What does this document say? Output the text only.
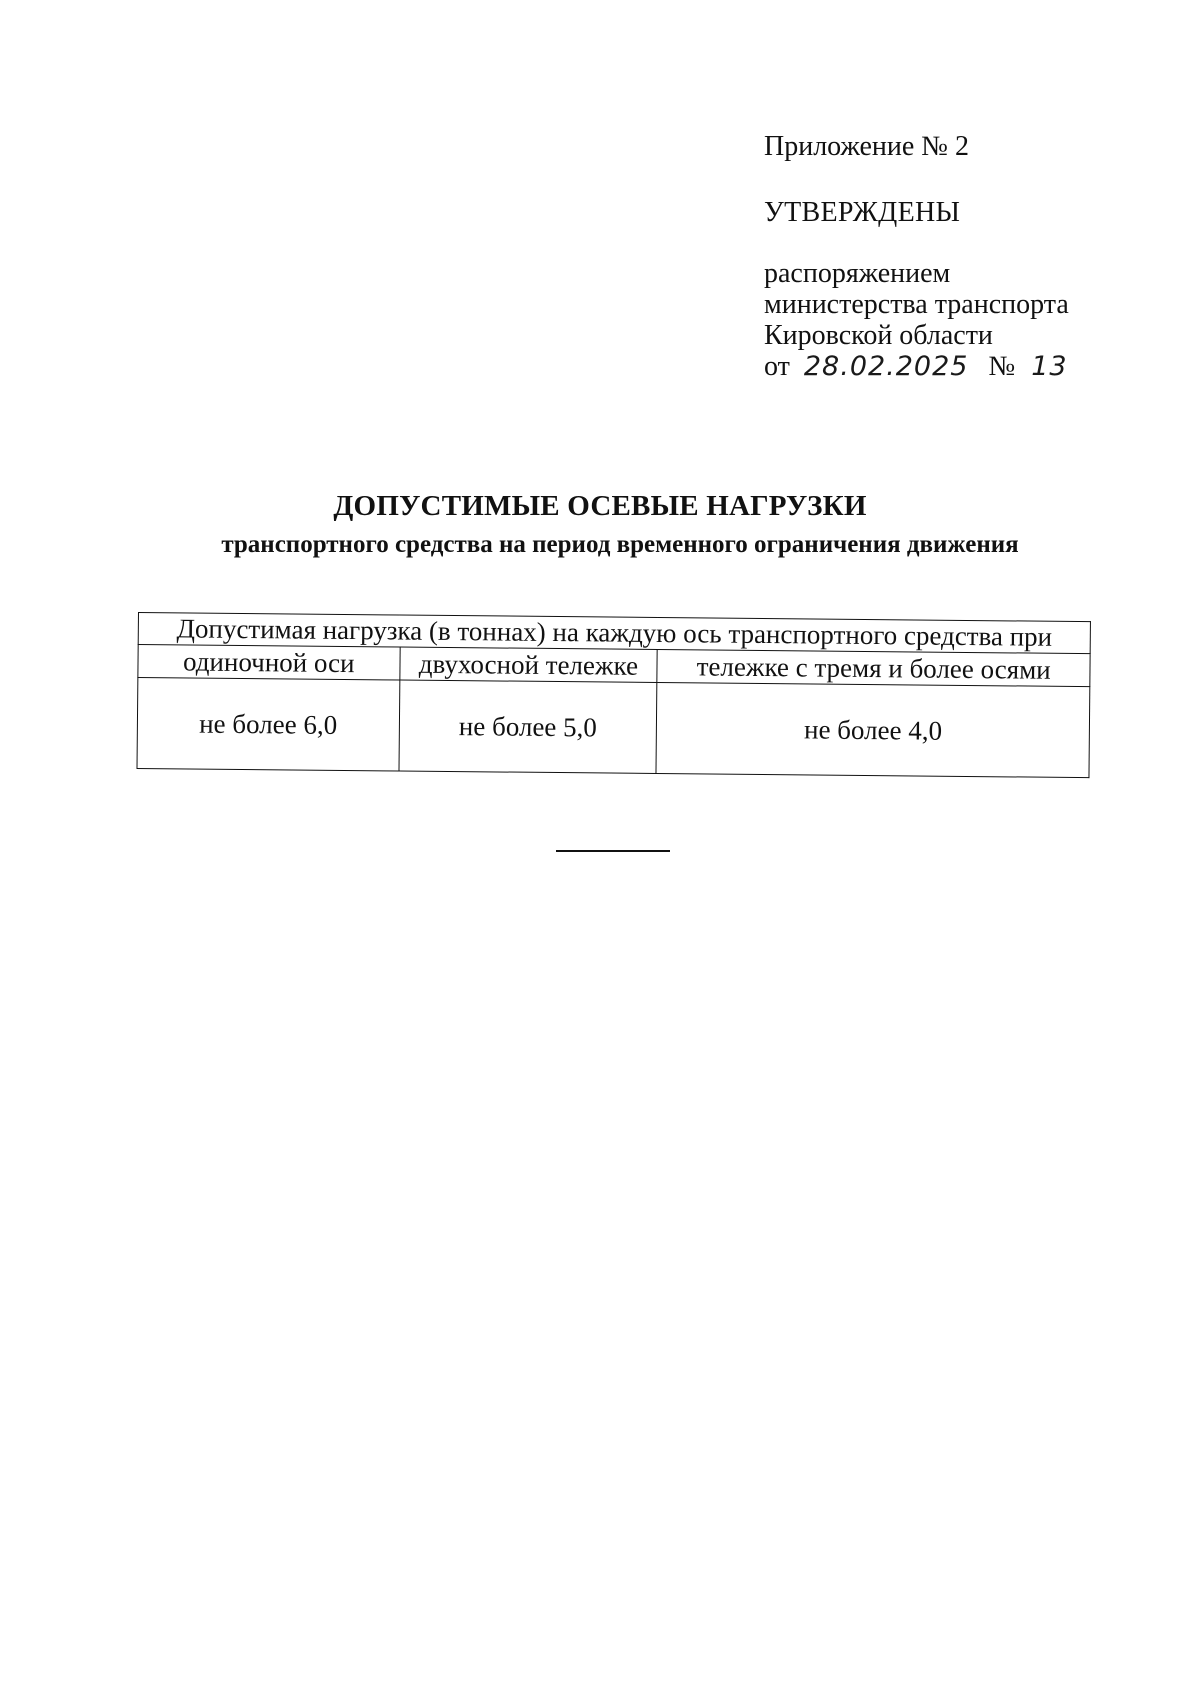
Приложение № 2

УТВЕРЖДЕНЫ
распоряжением
министерства транспорта
Кировской области
от 28.02.2025 № 13
ДОПУСТИМЫЕ ОСЕВЫЕ НАГРУЗКИ
транспортного средства на период временного ограничения движения
Допустимая нагрузка (в тоннах) на каждую ось транспортного средства при		
одиночной оси	двухосной тележке	тележке с тремя и более осями
не более 6,0	не более 5,0	не более 4,0
